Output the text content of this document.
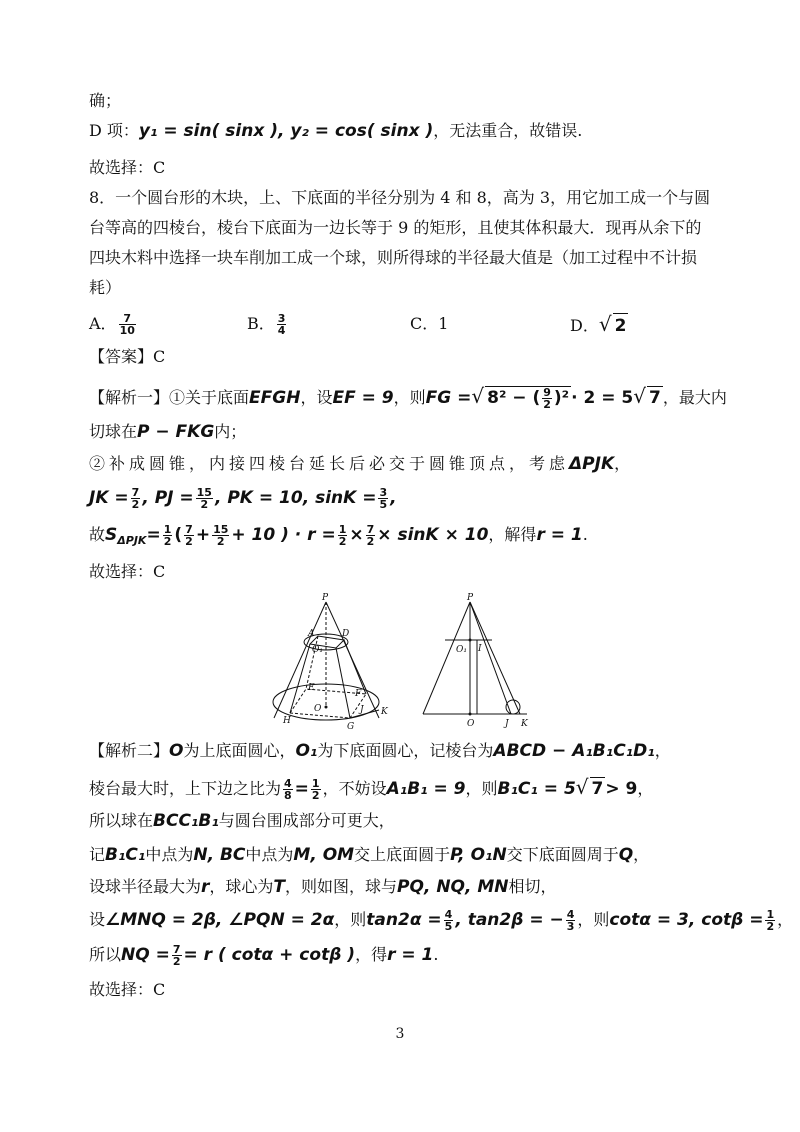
确；
D 项：y₁ = sin( sinx ), y₂ = cos( sinx )，无法重合，故错误.
故选择：C
8．一个圆台形的木块，上、下底面的半径分别为 4 和 8，高为 3，用它加工成一个与圆
台等高的四棱台，棱台下底面为一边长等于 9 的矩形，且使其体积最大．现再从余下的
四块木料中选择一块车削加工成一个球，则所得球的半径最大值是（加工过程中不计损
耗）
A． $\frac{7}{10}$	B． $\frac{3}{4}$	C．1	D．√ 2
【答案】C
【解析一】①关于底面EFGH，设EF = 9，则FG =√ 8² − ( $\frac{9}{2} )^2 \cdot 2 = 5√$ 7 ，最大内
切球在P − FKG内；
②补成圆锥，内接四棱台延长后必交于圆锥顶点，考虑ΔPJK，
JK = $\frac{7}{2}$ , PJ = $\frac{15}{2}$ , PK = 10, $\sin K = \frac{3}{5}$ ,
故$S_{\Delta PJK}= \frac{1}{2}$ ( $\frac{7}{2} + \frac{15}{2} + 10$ ) · $r = \frac{1}{2} \times \frac{7}{2} \times \sin K \times 10$，解得r = 1.
故选择：C
P
A	D
O₁
E
F
O
H
G
J K
P
O₁ I
O	J K
【解析二】O为上底面圆心，O₁为下底面圆心，记棱台为ABCD − A₁B₁C₁D₁，
棱台最大时，上下边之比为 $\frac{4}{8} = \frac{1}{2}$ ，不妨设A₁B₁ = 9，则B₁C₁ = 5√ 7 > 9，
所以球在BCC₁B₁与圆台围成部分可更大，
记B₁C₁中点为N, BC中点为M, OM交上底面圆于P, O₁N交下底面圆周于Q，
设球半径最大为r，球心为T，则如图，球与PQ, NQ, MN相切，
设∠MNQ = 2β, ∠PQN = 2α，则$\tan 2\alpha = \frac{4}{5}$ , tan2β = − $\frac{4}{3}$ ，则cotα = 3, $\cot\beta = \frac{1}{2}$ ，
所以NQ = $\frac{7}{2} = r$ ( cotα + cotβ )，得r = 1.
故选择：C
3
